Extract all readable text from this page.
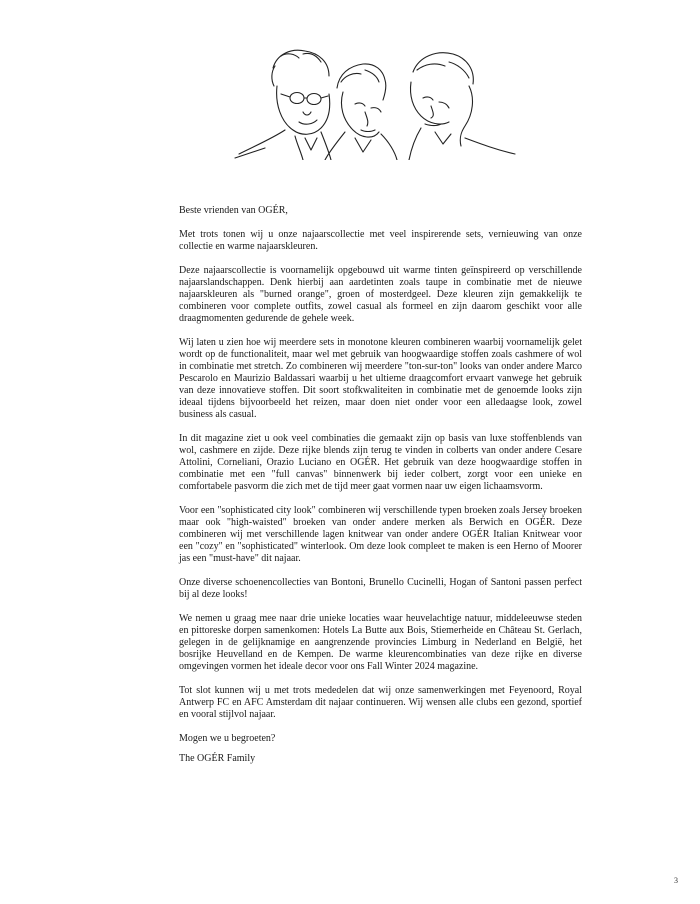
Beste vrienden van OGÉR,

Met trots tonen wij u onze najaarscollectie met veel inspirerende sets, vernieuwing van onze collectie en warme najaarskleuren.

Deze najaarscollectie is voornamelijk opgebouwd uit warme tinten geïnspireerd op verschillende najaarslandschappen. Denk hierbij aan aardetinten zoals taupe in combinatie met de nieuwe najaarskleuren als "burned orange", groen of mosterdgeel. Deze kleuren zijn gemakkelijk te combineren voor complete outfits, zowel casual als formeel en zijn daarom geschikt voor alle draagmomenten gedurende de gehele week.

Wij laten u zien hoe wij meerdere sets in monotone kleuren combineren waarbij voornamelijk gelet wordt op de functionaliteit, maar wel met gebruik van hoogwaardige stoffen zoals cashmere of wol in combinatie met stretch. Zo combineren wij meerdere "ton-sur-ton" looks van onder andere Marco Pescarolo en Maurizio Baldassari waarbij u het ultieme draagcomfort ervaart vanwege het gebruik van deze innovatieve stoffen. Dit soort stofkwaliteiten in combinatie met de genoemde looks zijn ideaal tijdens bijvoorbeeld het reizen, maar doen niet onder voor een alledaagse look, zowel business als casual.

In dit magazine ziet u ook veel combinaties die gemaakt zijn op basis van luxe stoffenblends van wol, cashmere en zijde. Deze rijke blends zijn terug te vinden in colberts van onder andere Cesare Attolini, Corneliani, Orazio Luciano en OGÉR. Het gebruik van deze hoogwaardige stoffen in combinatie met een "full canvas" binnenwerk bij ieder colbert, zorgt voor een unieke en comfortabele pasvorm die zich met de tijd meer gaat vormen naar uw eigen lichaamsvorm.

Voor een "sophisticated city look" combineren wij verschillende typen broeken zoals Jersey broeken maar ook "high-waisted" broeken van onder andere merken als Berwich en OGÉR. Deze combineren wij met verschillende lagen knitwear van onder andere OGÉR Italian Knitwear voor een "cozy" en "sophisticated" winterlook. Om deze look compleet te maken is een Herno of Moorer jas een "must-have" dit najaar.

Onze diverse schoenencollecties van Bontoni, Brunello Cucinelli, Hogan of Santoni passen perfect bij al deze looks!

We nemen u graag mee naar drie unieke locaties waar heuvelachtige natuur, middeleeuwse steden en pittoreske dorpen samenkomen: Hotels La Butte aux Bois, Stiemerheide en Château St. Gerlach, gelegen in de gelijknamige en aangrenzende provincies Limburg in Nederland en België, het bosrijke Heuvelland en de Kempen. De warme kleurencombinaties van deze rijke en diverse omgevingen vormen het ideale decor voor ons Fall Winter 2024 magazine.

Tot slot kunnen wij u met trots mededelen dat wij onze samenwerkingen met Feyenoord, Royal Antwerp FC en AFC Amsterdam dit najaar continueren. Wij wensen alle clubs een gezond, sportief en vooral stijlvol najaar.

Mogen we u begroeten?

The OGÉR Family

3
